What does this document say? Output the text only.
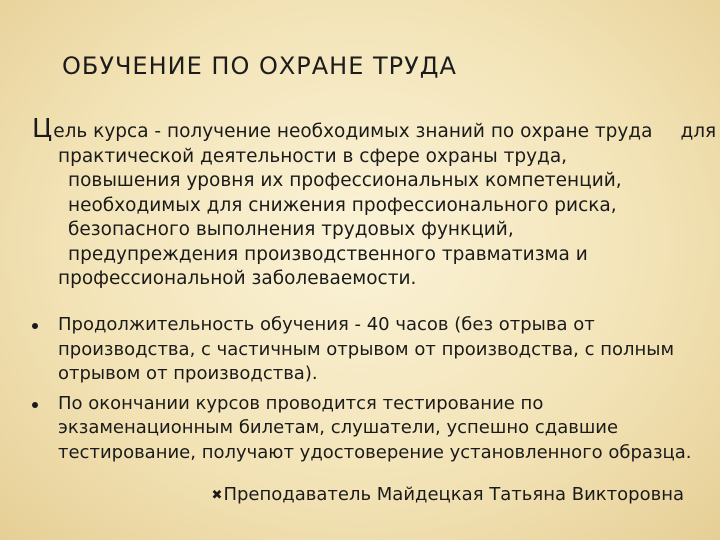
ОБУЧЕНИЕ ПО ОХРАНЕ ТРУДА
Цель курса - получение необходимых знаний по охране труда для
практической деятельности в сфере охраны труда,
повышения уровня их профессиональных компетенций,
необходимых для снижения профессионального риска,
безопасного выполнения трудовых функций,
предупреждения производственного травматизма и
профессиональной заболеваемости.
Продолжительность обучения - 40 часов (без отрыва от производства, с частичным отрывом от производства, с полным отрывом от производства).
По окончании курсов проводится тестирование по экзаменационным билетам, слушатели, успешно сдавшие тестирование, получают удостоверение установленного образца.
✖Преподаватель Майдецкая Татьяна Викторовна
